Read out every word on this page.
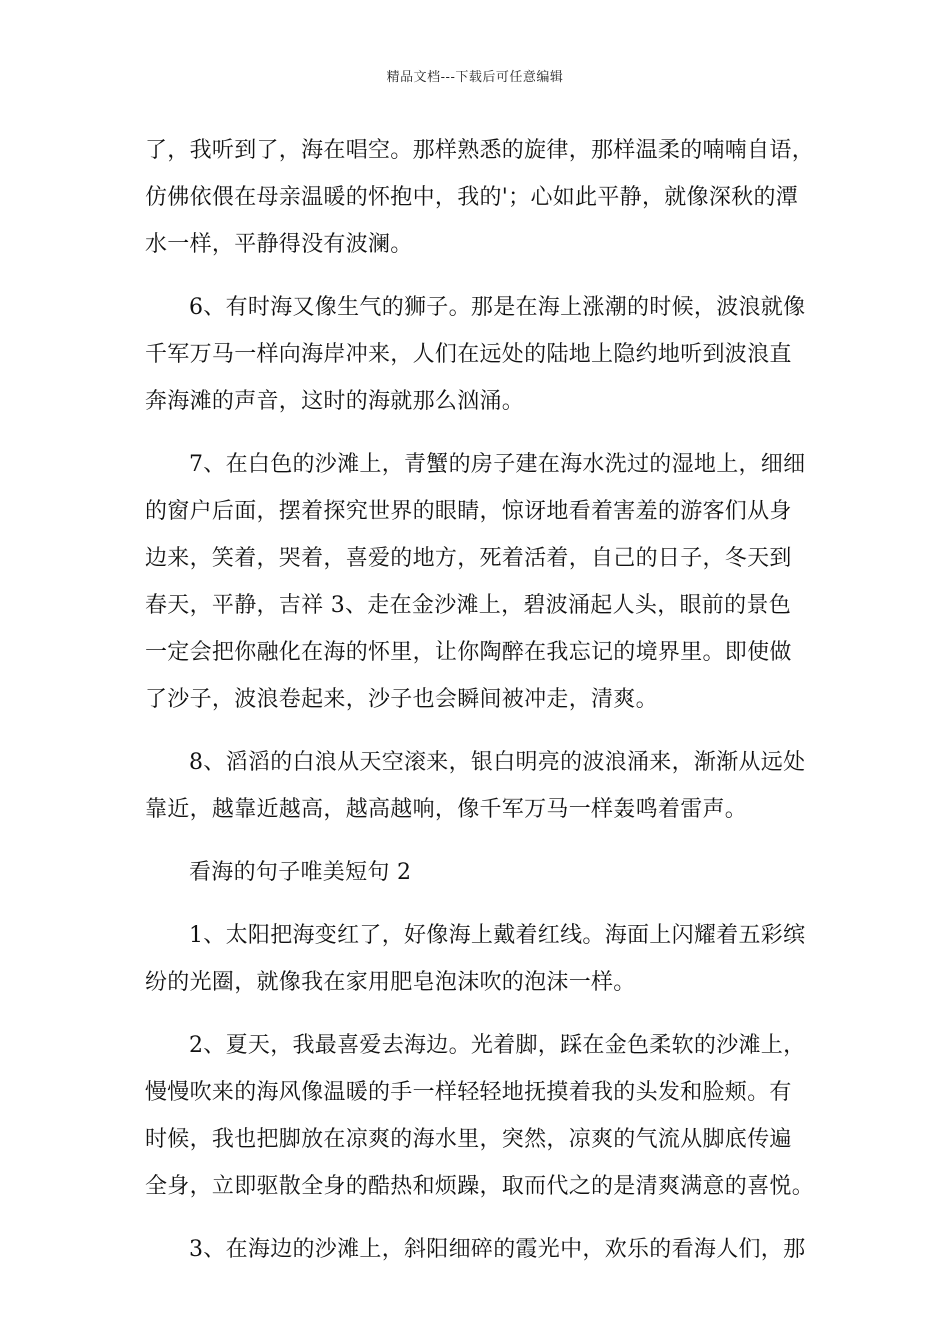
精品文档---下载后可任意编辑
了，我听到了，海在唱空。那样熟悉的旋律，那样温柔的喃喃自语，
仿佛依偎在母亲温暖的怀抱中，我的'；心如此平静，就像深秋的潭
水一样，平静得没有波澜。
6、有时海又像生气的狮子。那是在海上涨潮的时候，波浪就像
千军万马一样向海岸冲来，人们在远处的陆地上隐约地听到波浪直
奔海滩的声音，这时的海就那么汹涌。
7、在白色的沙滩上，青蟹的房子建在海水洗过的湿地上，细细
的窗户后面，摆着探究世界的眼睛，惊讶地看着害羞的游客们从身
边来，笑着，哭着，喜爱的地方，死着活着，自己的日子，冬天到
春天，平静，吉祥 3、走在金沙滩上，碧波涌起人头，眼前的景色
一定会把你融化在海的怀里，让你陶醉在我忘记的境界里。即使做
了沙子，波浪卷起来，沙子也会瞬间被冲走，清爽。
8、滔滔的白浪从天空滚来，银白明亮的波浪涌来，渐渐从远处
靠近，越靠近越高，越高越响，像千军万马一样轰鸣着雷声。
看海的句子唯美短句 2
1、太阳把海变红了，好像海上戴着红线。海面上闪耀着五彩缤
纷的光圈，就像我在家用肥皂泡沫吹的泡沫一样。
2、夏天，我最喜爱去海边。光着脚，踩在金色柔软的沙滩上，
慢慢吹来的海风像温暖的手一样轻轻地抚摸着我的头发和脸颊。有
时候，我也把脚放在凉爽的海水里，突然，凉爽的气流从脚底传遍
全身，立即驱散全身的酷热和烦躁，取而代之的是清爽满意的喜悦。
3、在海边的沙滩上，斜阳细碎的霞光中，欢乐的看海人们，那
